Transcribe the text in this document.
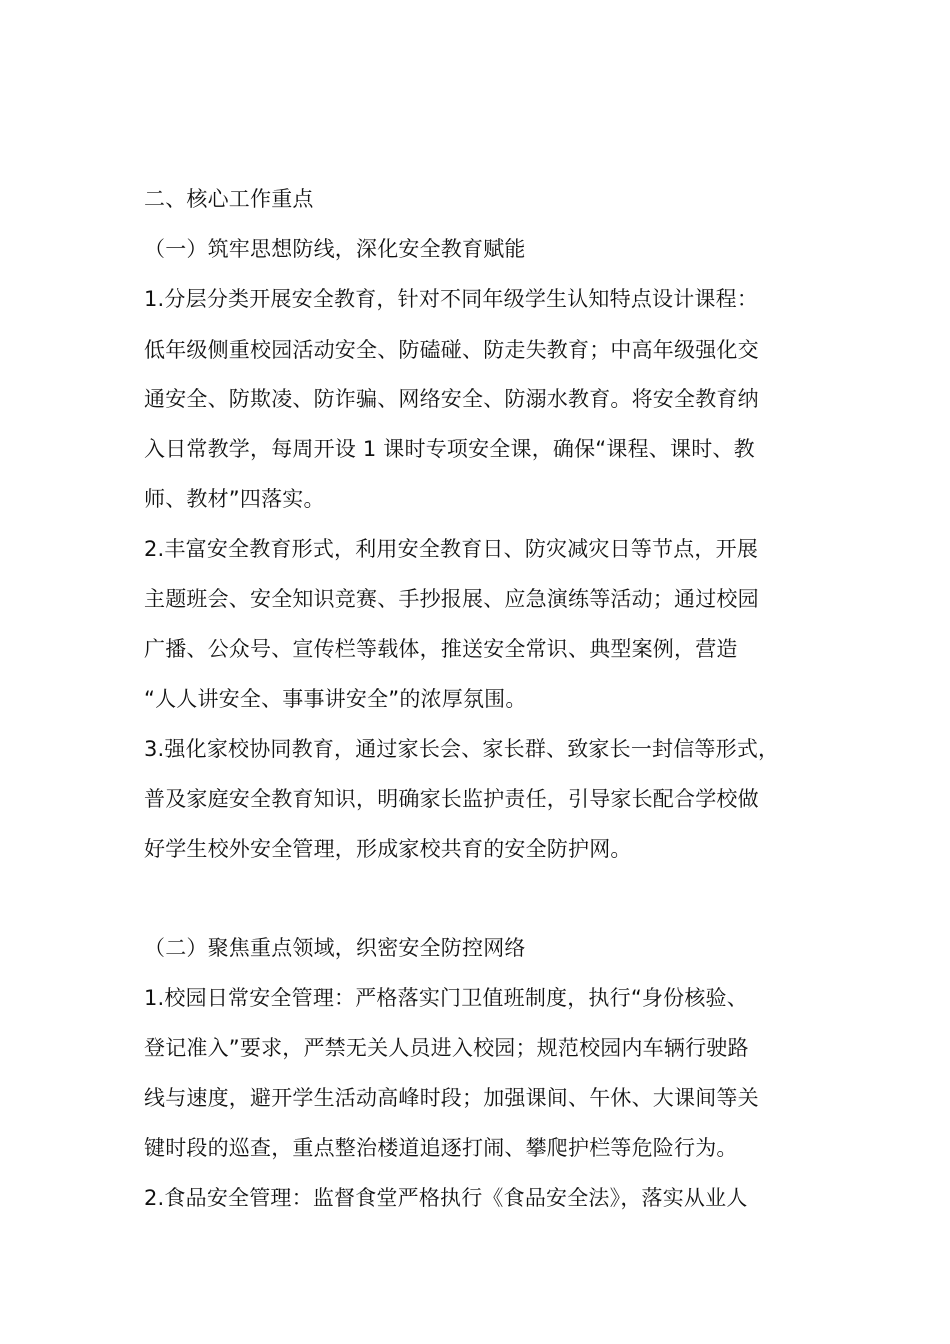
二、核心工作重点
（一）筑牢思想防线，深化安全教育赋能
1.分层分类开展安全教育，针对不同年级学生认知特点设计课程：
低年级侧重校园活动安全、防磕碰、防走失教育；中高年级强化交
通安全、防欺凌、防诈骗、网络安全、防溺水教育。将安全教育纳
入日常教学，每周开设 1 课时专项安全课，确保“课程、课时、教
师、教材”四落实。
2.丰富安全教育形式，利用安全教育日、防灾减灾日等节点，开展
主题班会、安全知识竞赛、手抄报展、应急演练等活动；通过校园
广播、公众号、宣传栏等载体，推送安全常识、典型案例，营造
“人人讲安全、事事讲安全”的浓厚氛围。
3.强化家校协同教育，通过家长会、家长群、致家长一封信等形式，
普及家庭安全教育知识，明确家长监护责任，引导家长配合学校做
好学生校外安全管理，形成家校共育的安全防护网。
（二）聚焦重点领域，织密安全防控网络
1.校园日常安全管理：严格落实门卫值班制度，执行“身份核验、
登记准入”要求，严禁无关人员进入校园；规范校园内车辆行驶路
线与速度，避开学生活动高峰时段；加强课间、午休、大课间等关
键时段的巡查，重点整治楼道追逐打闹、攀爬护栏等危险行为。
2.食品安全管理：监督食堂严格执行《食品安全法》，落实从业人
